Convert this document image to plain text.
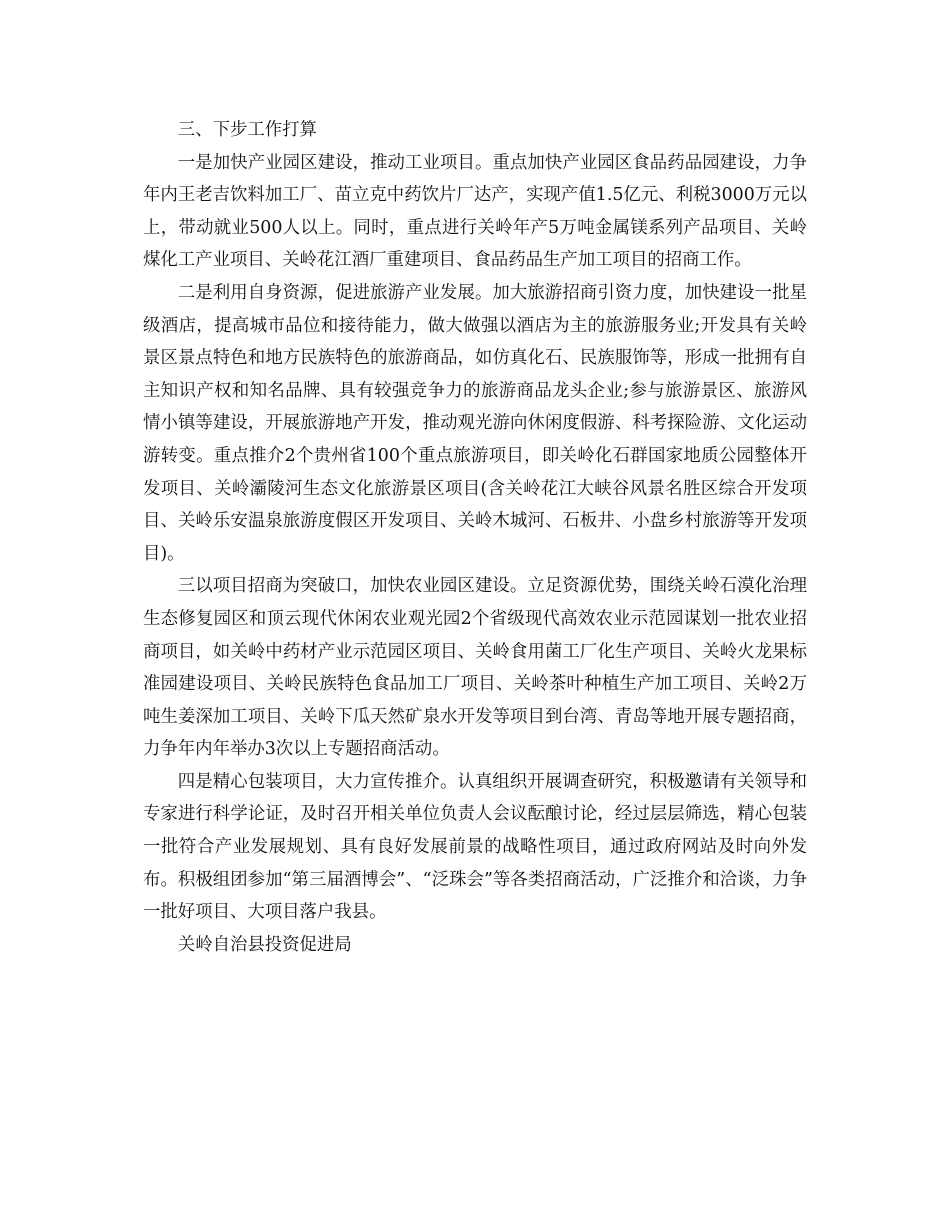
三、下步工作打算

一是加快产业园区建设，推动工业项目。重点加快产业园区食品药品园建设，力争年内王老吉饮料加工厂、苗立克中药饮片厂达产，实现产值1.5亿元、利税3000万元以上，带动就业500人以上。同时，重点进行关岭年产5万吨金属镁系列产品项目、关岭煤化工产业项目、关岭花江酒厂重建项目、食品药品生产加工项目的招商工作。

二是利用自身资源，促进旅游产业发展。加大旅游招商引资力度，加快建设一批星级酒店，提高城市品位和接待能力，做大做强以酒店为主的旅游服务业;开发具有关岭景区景点特色和地方民族特色的旅游商品，如仿真化石、民族服饰等，形成一批拥有自主知识产权和知名品牌、具有较强竞争力的旅游商品龙头企业;参与旅游景区、旅游风情小镇等建设，开展旅游地产开发，推动观光游向休闲度假游、科考探险游、文化运动游转变。重点推介2个贵州省100个重点旅游项目，即关岭化石群国家地质公园整体开发项目、关岭灞陵河生态文化旅游景区项目(含关岭花江大峡谷风景名胜区综合开发项目、关岭乐安温泉旅游度假区开发项目、关岭木城河、石板井、小盘乡村旅游等开发项目)。

三以项目招商为突破口，加快农业园区建设。立足资源优势，围绕关岭石漠化治理生态修复园区和顶云现代休闲农业观光园2个省级现代高效农业示范园谋划一批农业招商项目，如关岭中药材产业示范园区项目、关岭食用菌工厂化生产项目、关岭火龙果标准园建设项目、关岭民族特色食品加工厂项目、关岭茶叶种植生产加工项目、关岭2万吨生姜深加工项目、关岭下瓜天然矿泉水开发等项目到台湾、青岛等地开展专题招商，力争年内年举办3次以上专题招商活动。

四是精心包装项目，大力宣传推介。认真组织开展调查研究，积极邀请有关领导和专家进行科学论证，及时召开相关单位负责人会议酝酿讨论，经过层层筛选，精心包装一批符合产业发展规划、具有良好发展前景的战略性项目，通过政府网站及时向外发布。积极组团参加“第三届酒博会”、“泛珠会”等各类招商活动，广泛推介和洽谈，力争一批好项目、大项目落户我县。

关岭自治县投资促进局
